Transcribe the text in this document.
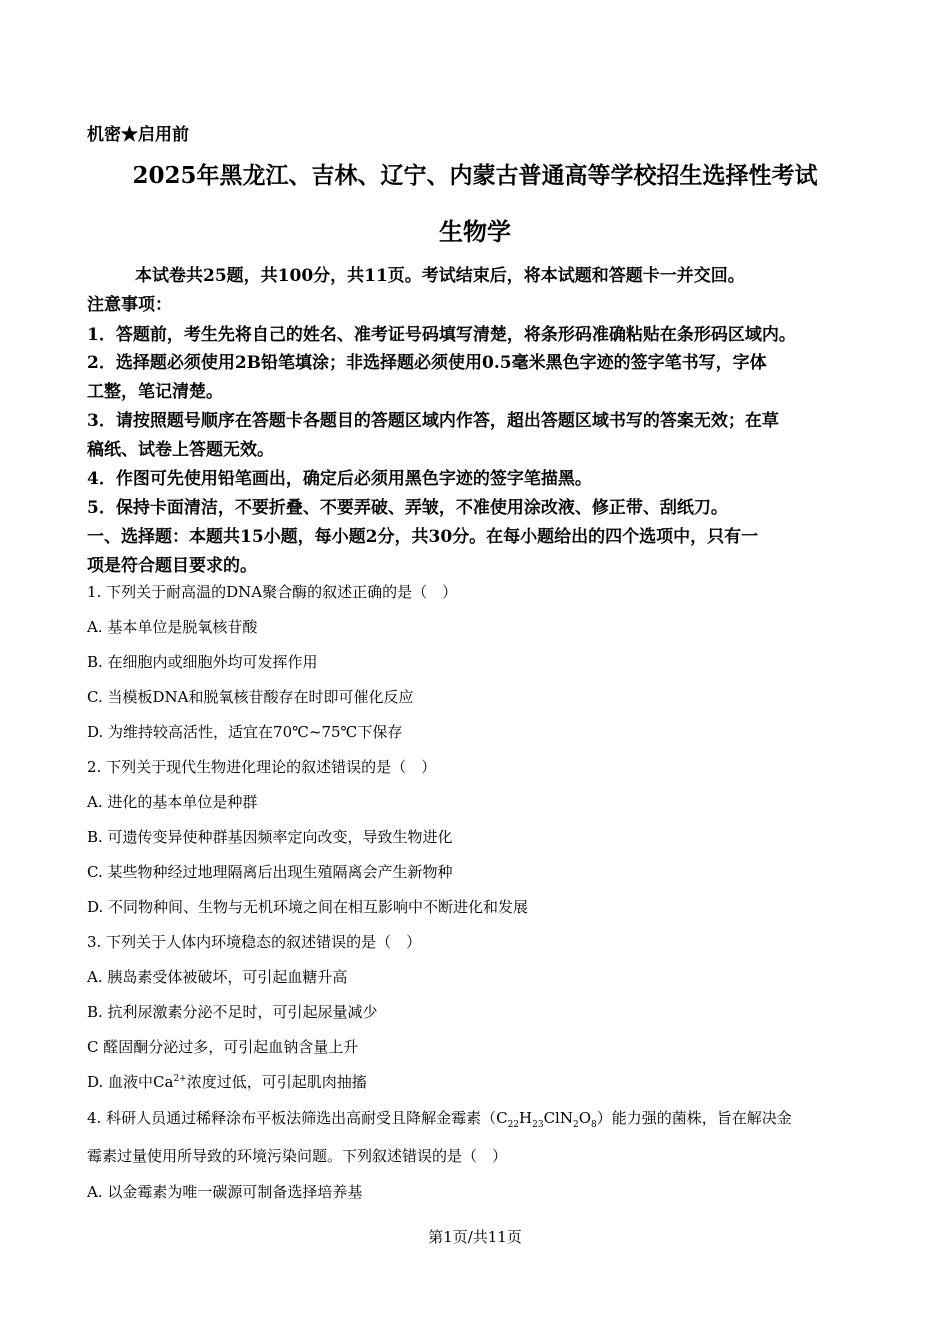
机密★启用前
2025年黑龙江、吉林、辽宁、内蒙古普通高等学校招生选择性考试
生物学
本试卷共25题，共100分，共11页。考试结束后，将本试题和答题卡一并交回。
注意事项：
1．答题前，考生先将自己的姓名、准考证号码填写清楚，将条形码准确粘贴在条形码区域内。
2．选择题必须使用2B铅笔填涂；非选择题必须使用0.5毫米黑色字迹的签字笔书写，字体
工整，笔记清楚。
3．请按照题号顺序在答题卡各题目的答题区域内作答，超出答题区域书写的答案无效；在草
稿纸、试卷上答题无效。
4．作图可先使用铅笔画出，确定后必须用黑色字迹的签字笔描黑。
5．保持卡面清洁，不要折叠、不要弄破、弄皱，不准使用涂改液、修正带、刮纸刀。
一、选择题：本题共15小题，每小题2分，共30分。在每小题给出的四个选项中，只有一
项是符合题目要求的。
1. 下列关于耐高温的DNA聚合酶的叙述正确的是（　）
A. 基本单位是脱氧核苷酸
B. 在细胞内或细胞外均可发挥作用
C. 当模板DNA和脱氧核苷酸存在时即可催化反应
D. 为维持较高活性，适宜在70℃~75℃下保存
2. 下列关于现代生物进化理论的叙述错误的是（　）
A. 进化的基本单位是种群
B. 可遗传变异使种群基因频率定向改变，导致生物进化
C. 某些物种经过地理隔离后出现生殖隔离会产生新物种
D. 不同物种间、生物与无机环境之间在相互影响中不断进化和发展
3. 下列关于人体内环境稳态的叙述错误的是（　）
A. 胰岛素受体被破坏，可引起血糖升高
B. 抗利尿激素分泌不足时，可引起尿量减少
C 醛固酮分泌过多，可引起血钠含量上升
D. 血液中$Ca^{2+}$浓度过低，可引起肌肉抽搐
4. 科研人员通过稀释涂布平板法筛选出高耐受且降解金霉素$(C_{22}H_{23}ClN_2O_8)$能力强的菌株，旨在解决金
霉素过量使用所导致的环境污染问题。下列叙述错误的是（　）
A. 以金霉素为唯一碳源可制备选择培养基
第1页/共11页
